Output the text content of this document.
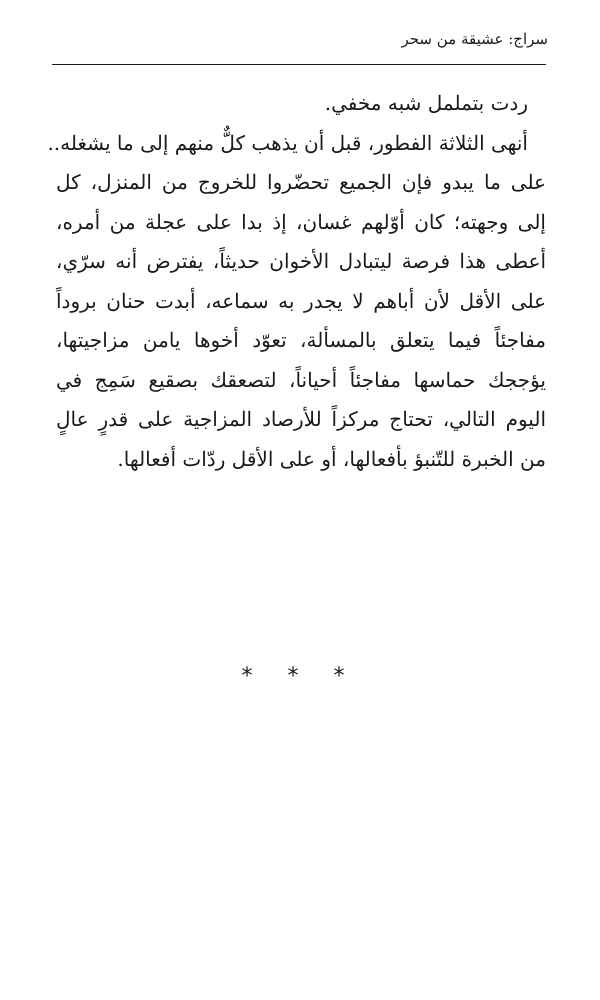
سراج: عشيقة من سحر
ردت بتململ شبه مخفي.
أنهى الثلاثة الفطور، قبل أن يذهب كلٌّ منهم إلى ما يشغله..
على ما يبدو فإن الجميع تحضّروا للخروج من المنزل، كل
إلى وجهته؛ كان أوّلهم غسان، إذ بدا على عجلة من أمره،
أعطى هذا فرصة ليتبادل الأخوان حديثاً، يفترض أنه سرّي،
على الأقل لأن أباهم لا يجدر به سماعه، أبدت حنان بروداً
مفاجئاً فيما يتعلق بالمسألة، تعوّد أخوها يامن مزاجيتها،
يؤججك حماسها مفاجئاً أحياناً، لتصعقك بصقيع سَمِج في
اليوم التالي، تحتاج مركزاً للأرصاد المزاجية على قدرٍ عالٍ
من الخبرة للتّنبؤ بأفعالها، أو على الأقل ردّات أفعالها.
* * *
